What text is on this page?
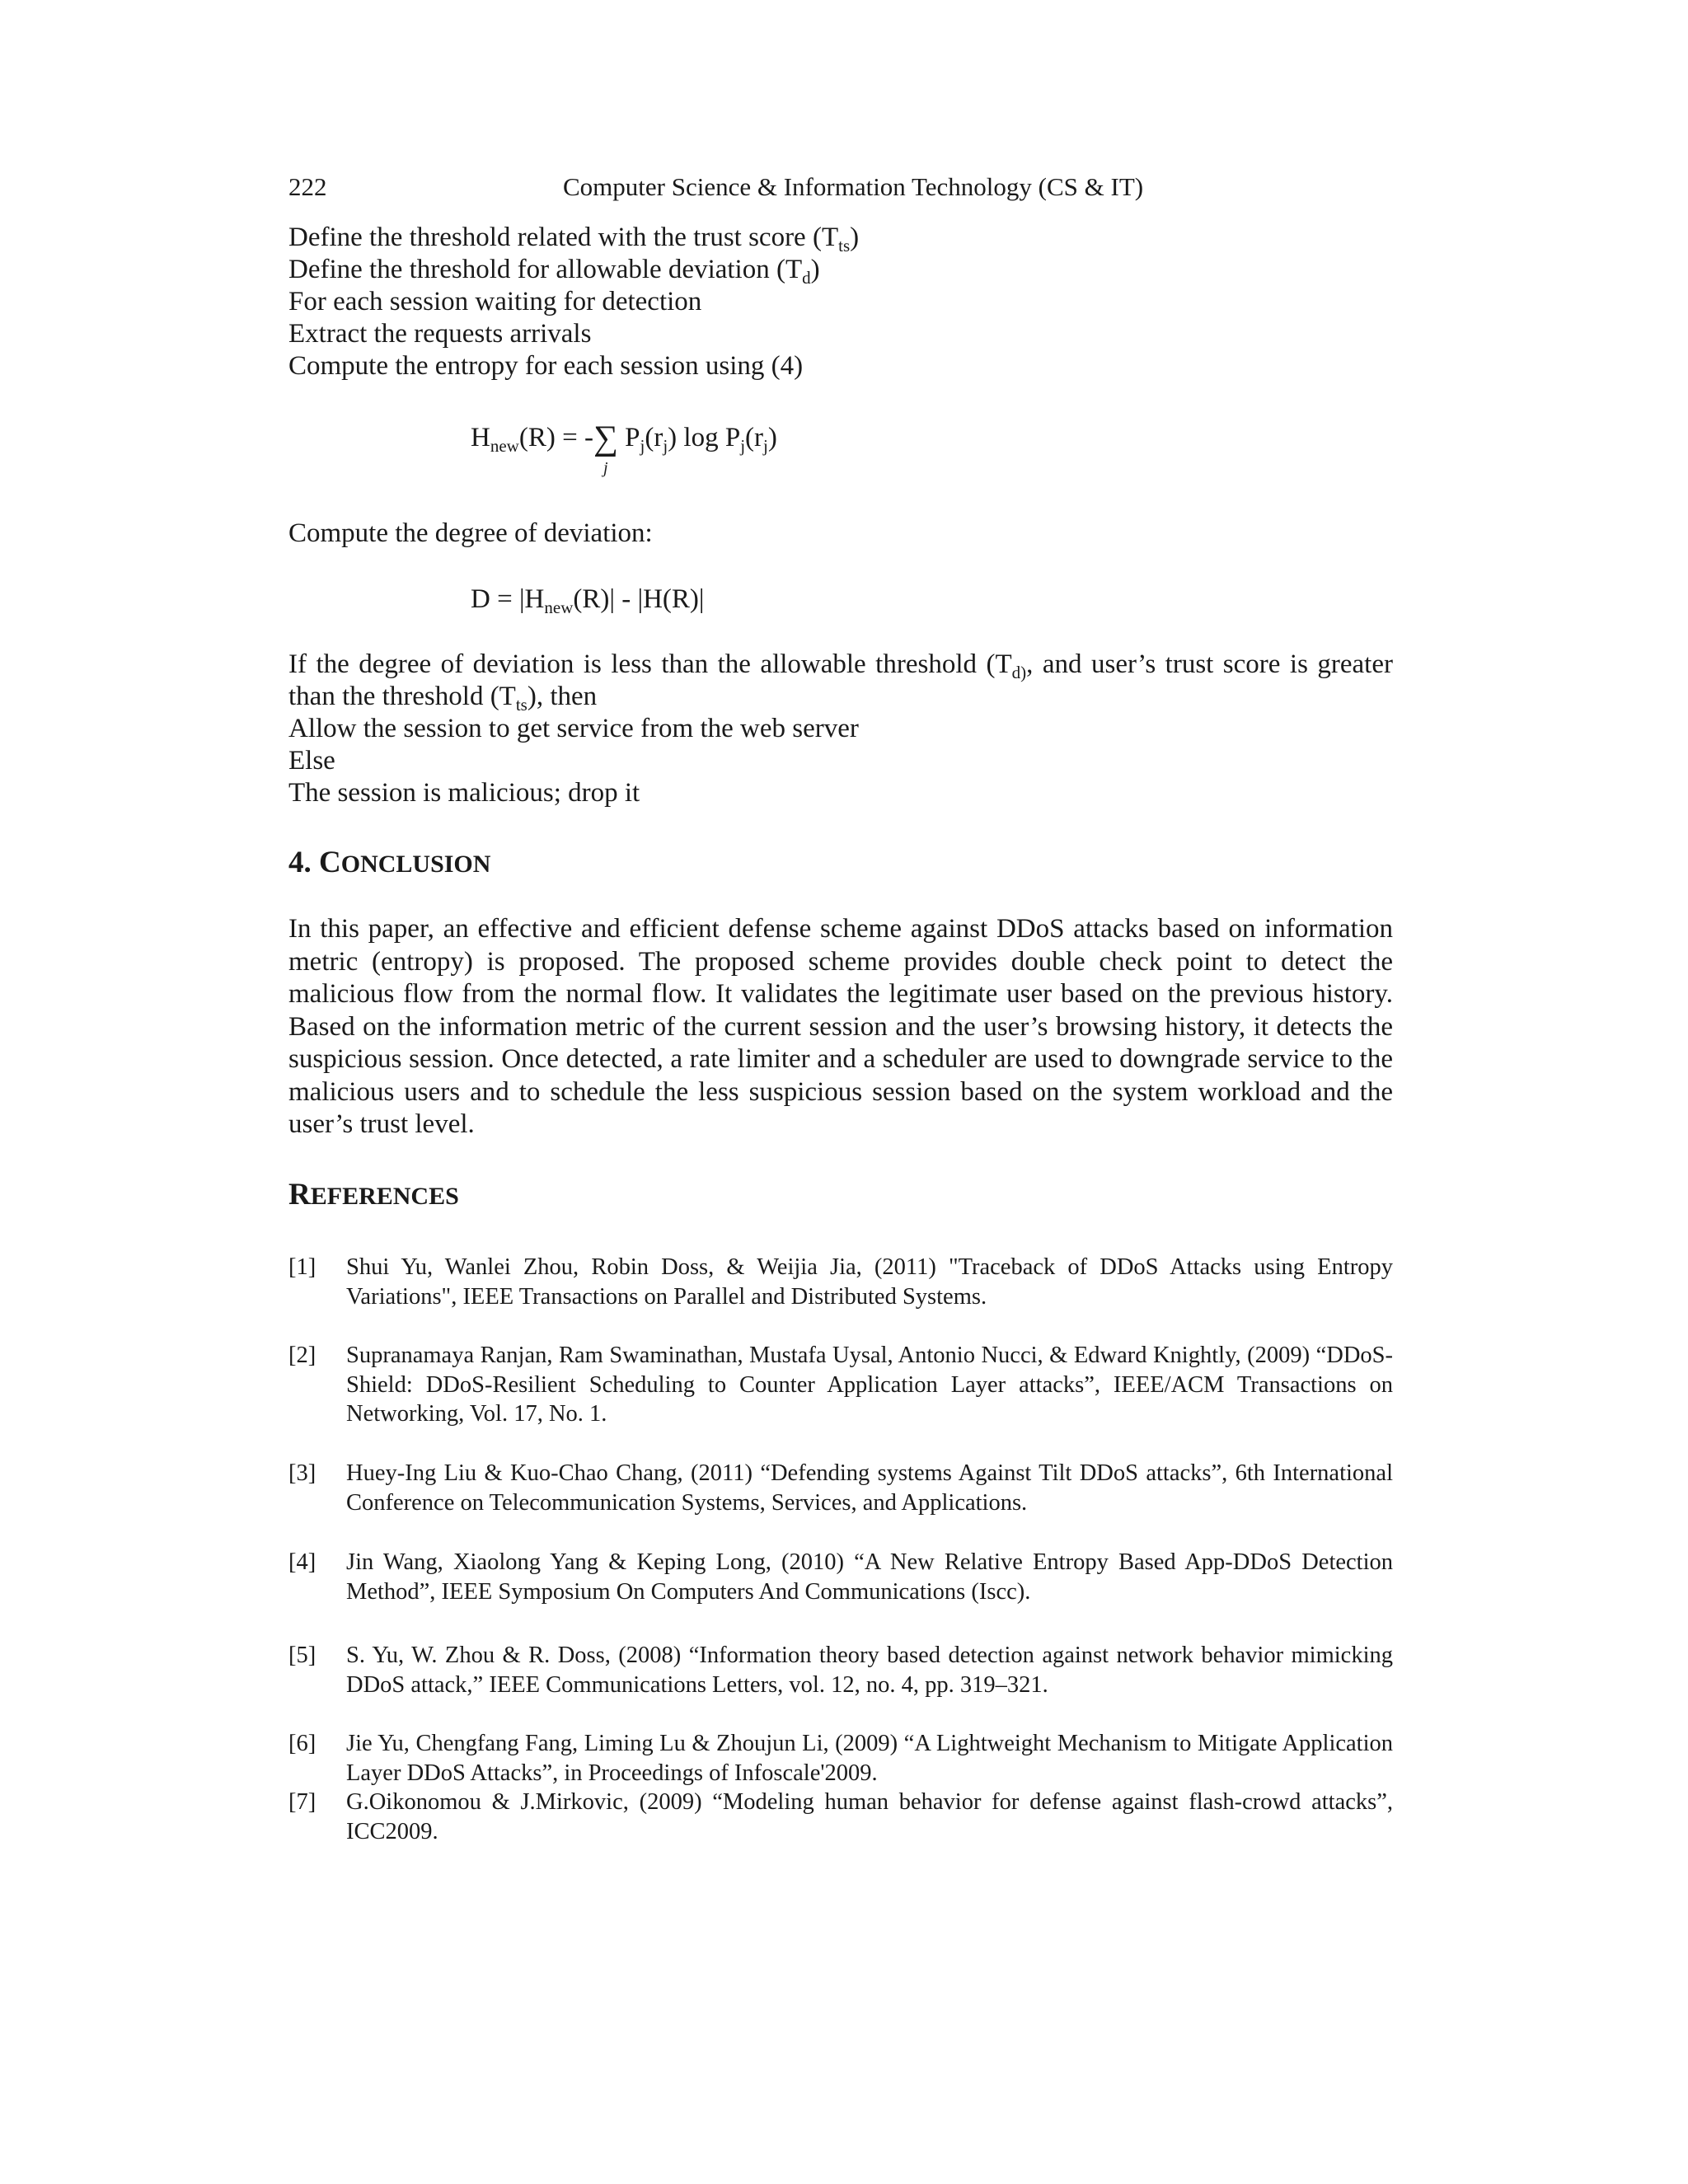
222	Computer Science & Information Technology (CS & IT)
Define the threshold related with the trust score $(T_{ts})$
Define the threshold for allowable deviation $(T_d)$
For each session waiting for detection
Extract the requests arrivals
Compute the entropy for each session using (4)
$H_{new}(R)$ = -∑ $P_j(r_j)$ $\log P_j(r_j)$
j
Compute the degree of deviation:
$D = |H_{new}(R)| - |H(R)|$
If the degree of deviation is less than the allowable threshold ($T_{d)}$, and user’s trust score is greater
than the threshold $(T_{ts})$, then
Allow the session to get service from the web server
Else
The session is malicious; drop it
4. CONCLUSION
In this paper, an effective and efficient defense scheme against DDoS attacks based on information metric (entropy) is proposed. The proposed scheme provides double check point to detect the malicious flow from the normal flow. It validates the legitimate user based on the previous history. Based on the information metric of the current session and the user’s browsing history, it detects the suspicious session. Once detected, a rate limiter and a scheduler are used to downgrade service to the malicious users and to schedule the less suspicious session based on the system workload and the user’s trust level.
REFERENCES
[1] Shui Yu, Wanlei Zhou, Robin Doss, & Weijia Jia, (2011) "Traceback of DDoS Attacks using Entropy Variations", IEEE Transactions on Parallel and Distributed Systems.
[2] Supranamaya Ranjan, Ram Swaminathan, Mustafa Uysal, Antonio Nucci, & Edward Knightly, (2009) “DDoS-Shield: DDoS-Resilient Scheduling to Counter Application Layer attacks”, IEEE/ACM Transactions on Networking, Vol. 17, No. 1.
[3] Huey-Ing Liu & Kuo-Chao Chang, (2011) “Defending systems Against Tilt DDoS attacks”, 6th International Conference on Telecommunication Systems, Services, and Applications.
[4] Jin Wang, Xiaolong Yang & Keping Long, (2010) “A New Relative Entropy Based App-DDoS Detection Method”, IEEE Symposium On Computers And Communications (Iscc).
[5] S. Yu, W. Zhou & R. Doss, (2008) “Information theory based detection against network behavior mimicking DDoS attack,” IEEE Communications Letters, vol. 12, no. 4, pp. 319–321.
[6] Jie Yu, Chengfang Fang, Liming Lu & Zhoujun Li, (2009) “A Lightweight Mechanism to Mitigate Application Layer DDoS Attacks”, in Proceedings of Infoscale'2009.
[7] G.Oikonomou & J.Mirkovic, (2009) “Modeling human behavior for defense against flash-crowd attacks”, ICC2009.
